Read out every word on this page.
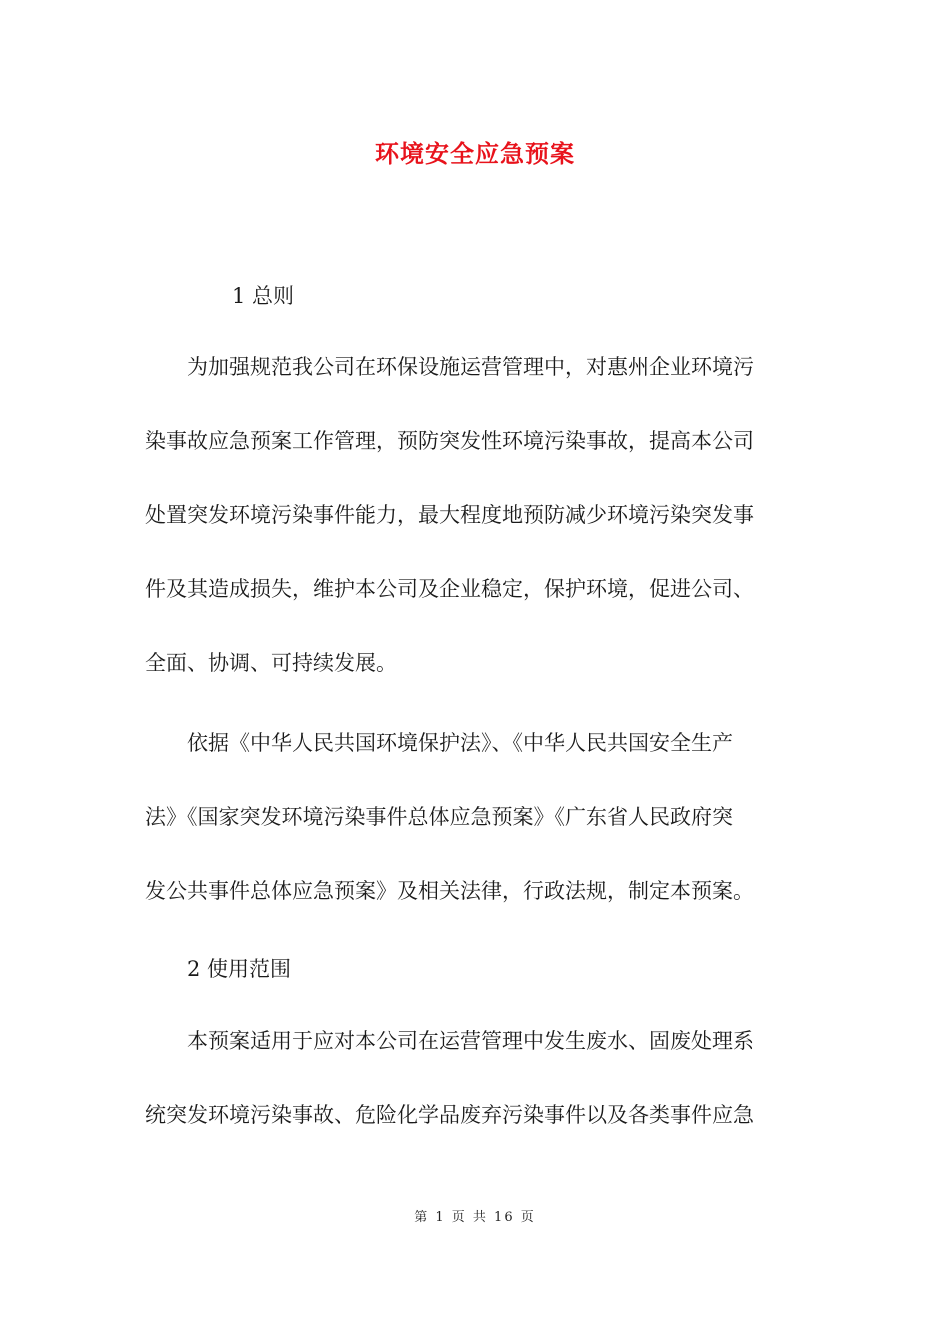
环境安全应急预案
1 总则
为加强规范我公司在环保设施运营管理中，对惠州企业环境污
染事故应急预案工作管理，预防突发性环境污染事故，提高本公司
处置突发环境污染事件能力，最大程度地预防减少环境污染突发事
件及其造成损失，维护本公司及企业稳定，保护环境，促进公司、
全面、协调、可持续发展。
依据《中华人民共国环境保护法》、《中华人民共国安全生产
法》《国家突发环境污染事件总体应急预案》《广东省人民政府突
发公共事件总体应急预案》及相关法律，行政法规，制定本预案。
2 使用范围
本预案适用于应对本公司在运营管理中发生废水、固废处理系
统突发环境污染事故、危险化学品废弃污染事件以及各类事件应急
第 1 页 共 16 页
